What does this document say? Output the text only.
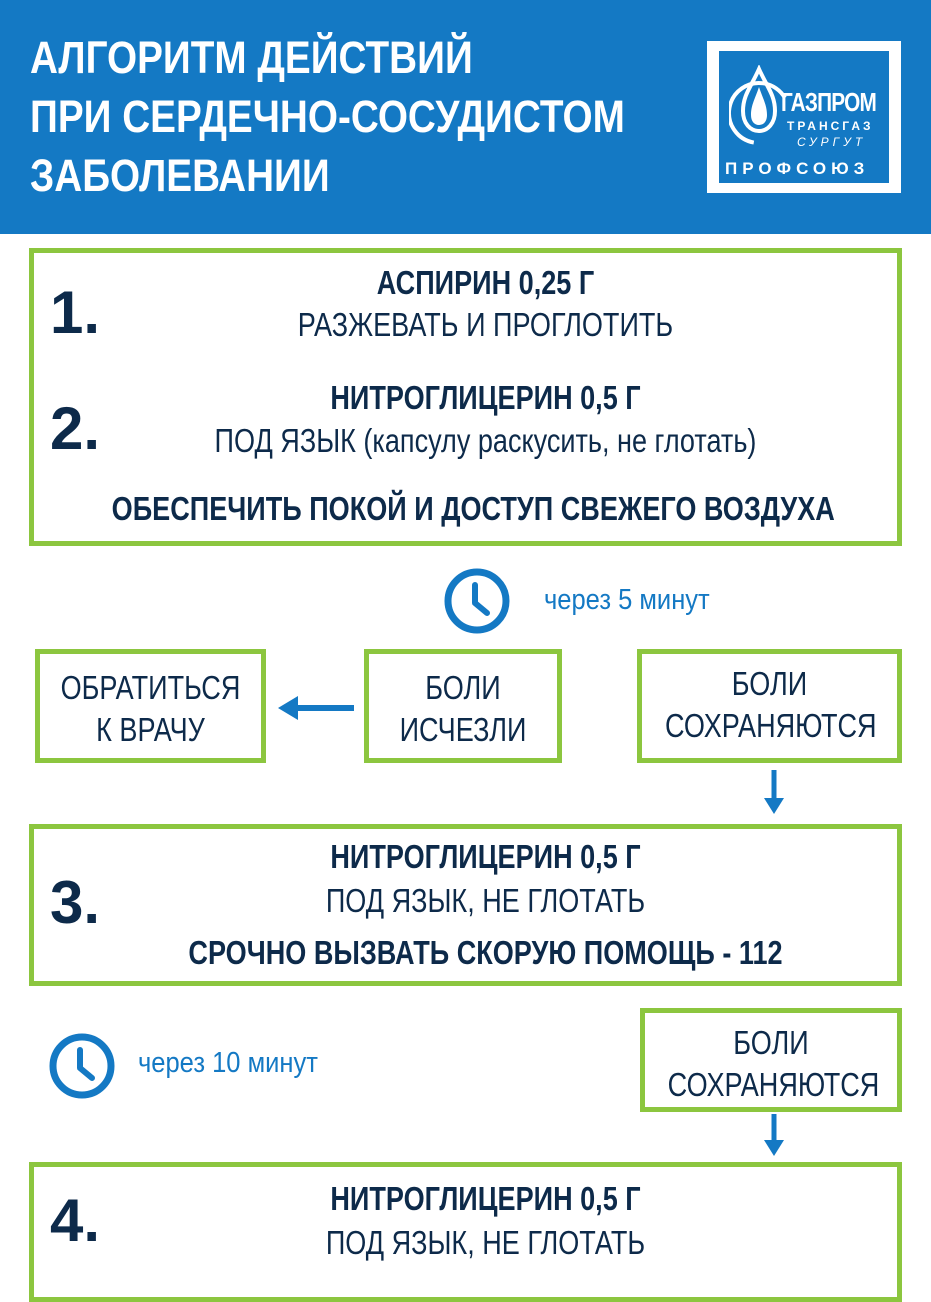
АЛГОРИТМ ДЕЙСТВИЙ
ПРИ СЕРДЕЧНО-СОСУДИСТОМ
ЗАБОЛЕВАНИИ
ГАЗПРОМ
ТРАНСГАЗ
СУРГУТ
ПРОФСОЮЗ
1.	АСПИРИН 0,25 Г
РАЗЖЕВАТЬ И ПРОГЛОТИТЬ
2.	НИТРОГЛИЦЕРИН 0,5 Г
ПОД ЯЗЫК (капсулу раскусить, не глотать)
ОБЕСПЕЧИТЬ ПОКОЙ И ДОСТУП СВЕЖЕГО ВОЗДУХА
через 5 минут
ОБРАТИТЬСЯ
К ВРАЧУ
БОЛИ
ИСЧЕЗЛИ
БОЛИ
СОХРАНЯЮТСЯ
3.
НИТРОГЛИЦЕРИН 0,5 Г
ПОД ЯЗЫК, НЕ ГЛОТАТЬ
СРОЧНО ВЫЗВАТЬ СКОРУЮ ПОМОЩЬ - 112
через 10 минут
БОЛИ
СОХРАНЯЮТСЯ
4.	НИТРОГЛИЦЕРИН 0,5 Г
ПОД ЯЗЫК, НЕ ГЛОТАТЬ
